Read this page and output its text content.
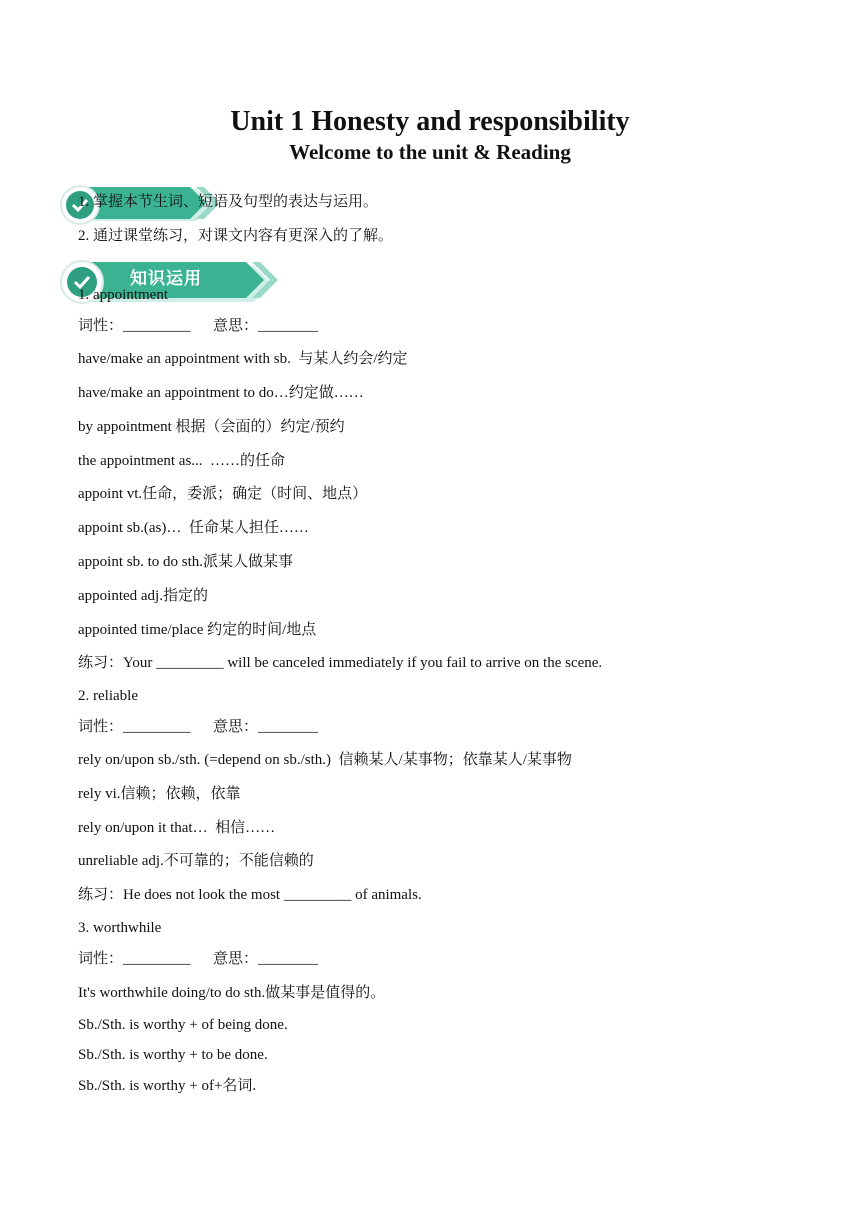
Unit 1 Honesty and responsibility
Welcome to the unit & Reading
1. 掌握本节生词、短语及句型的表达与运用。
2. 通过课堂练习，对课文内容有更深入的了解。
知识运用
1. appointment
词性：_________      意思：________
have/make an appointment with sb.  与某人约会/约定
have/make an appointment to do…约定做……
by appointment 根据（会面的）约定/预约
the appointment as...  ……的任命
appoint vt.任命，委派；确定（时间、地点）
appoint sb.(as)…  任命某人担任……
appoint sb. to do sth.派某人做某事
appointed adj.指定的
appointed time/place 约定的时间/地点
练习：Your _________ will be canceled immediately if you fail to arrive on the scene.
2. reliable
词性：_________      意思：________
rely on/upon sb./sth. (=depend on sb./sth.)  信赖某人/某事物；依靠某人/某事物
rely vi.信赖；依赖，依靠
rely on/upon it that…  相信……
unreliable adj.不可靠的；不能信赖的
练习：He does not look the most _________ of animals.
3. worthwhile
词性：_________      意思：________
It's worthwhile doing/to do sth.做某事是值得的。
Sb./Sth. is worthy + of being done.
Sb./Sth. is worthy + to be done.
Sb./Sth. is worthy + of+名词.
